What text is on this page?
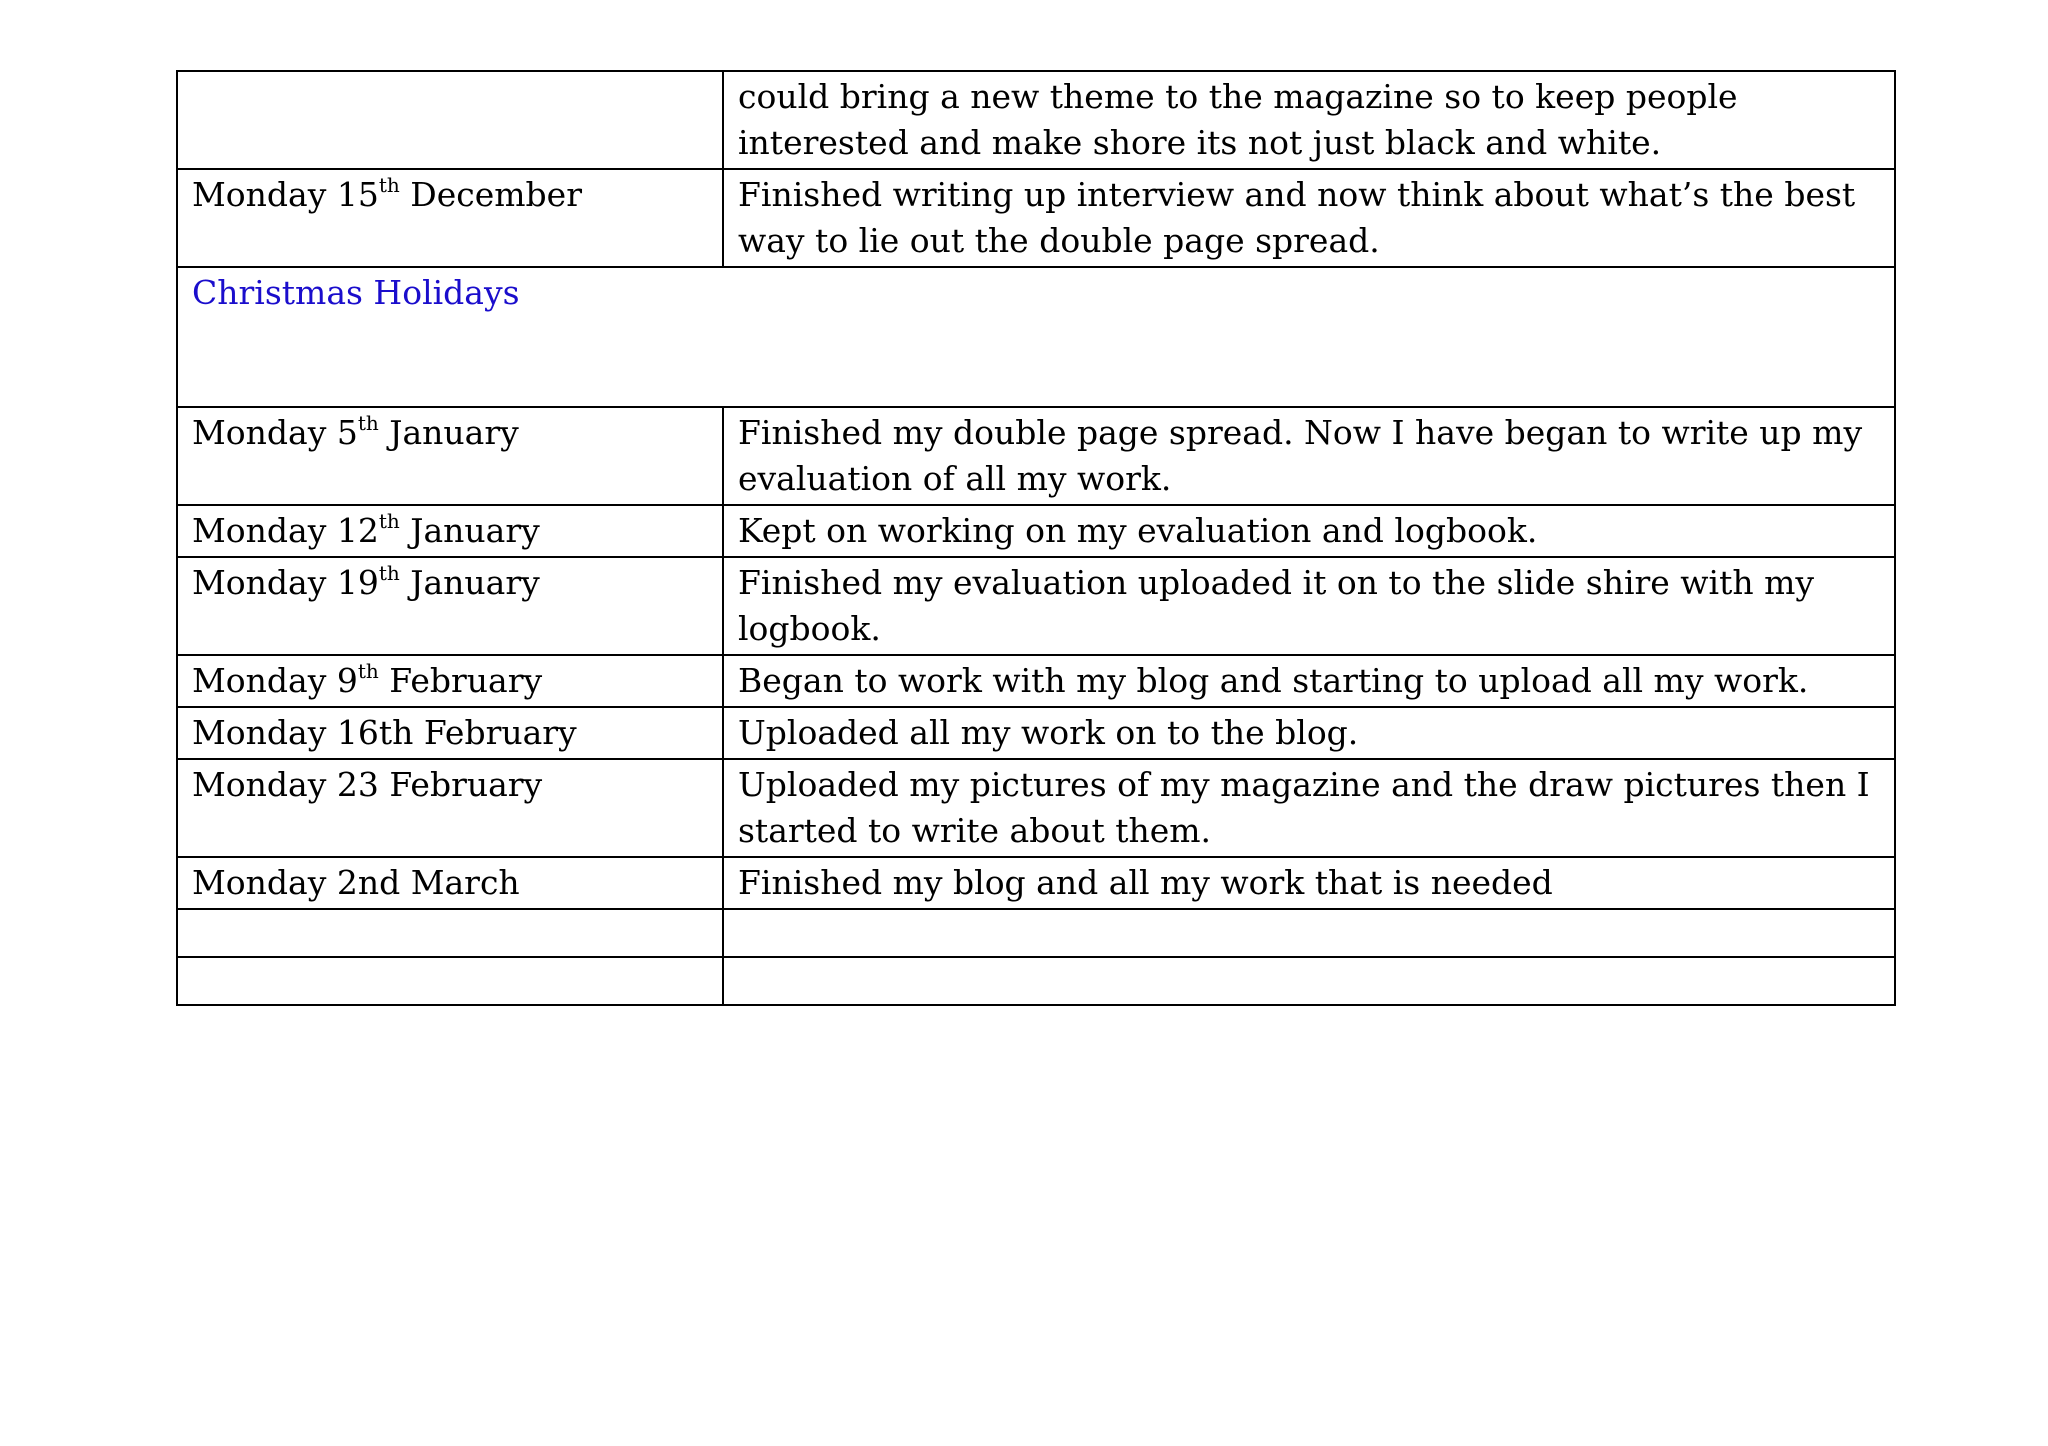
	could bring a new theme to the magazine so to keep people interested and make shore its not just black and white.
Monday 15th December	Finished writing up interview and now think about what’s the best way to lie out the double page spread.
Christmas Holidays	
Monday 5th January	Finished my double page spread. Now I have began to write up my evaluation of all my work.
Monday 12th January	Kept on working on my evaluation and logbook.
Monday 19th January	Finished my evaluation uploaded it on to the slide shire with my logbook.
Monday 9th February	Began to work with my blog and starting to upload all my work.
Monday 16th February	Uploaded all my work on to the blog.
Monday 23 February	Uploaded my pictures of my magazine and the draw pictures then I started to write about them.
Monday 2nd March	Finished my blog and all my work that is needed
